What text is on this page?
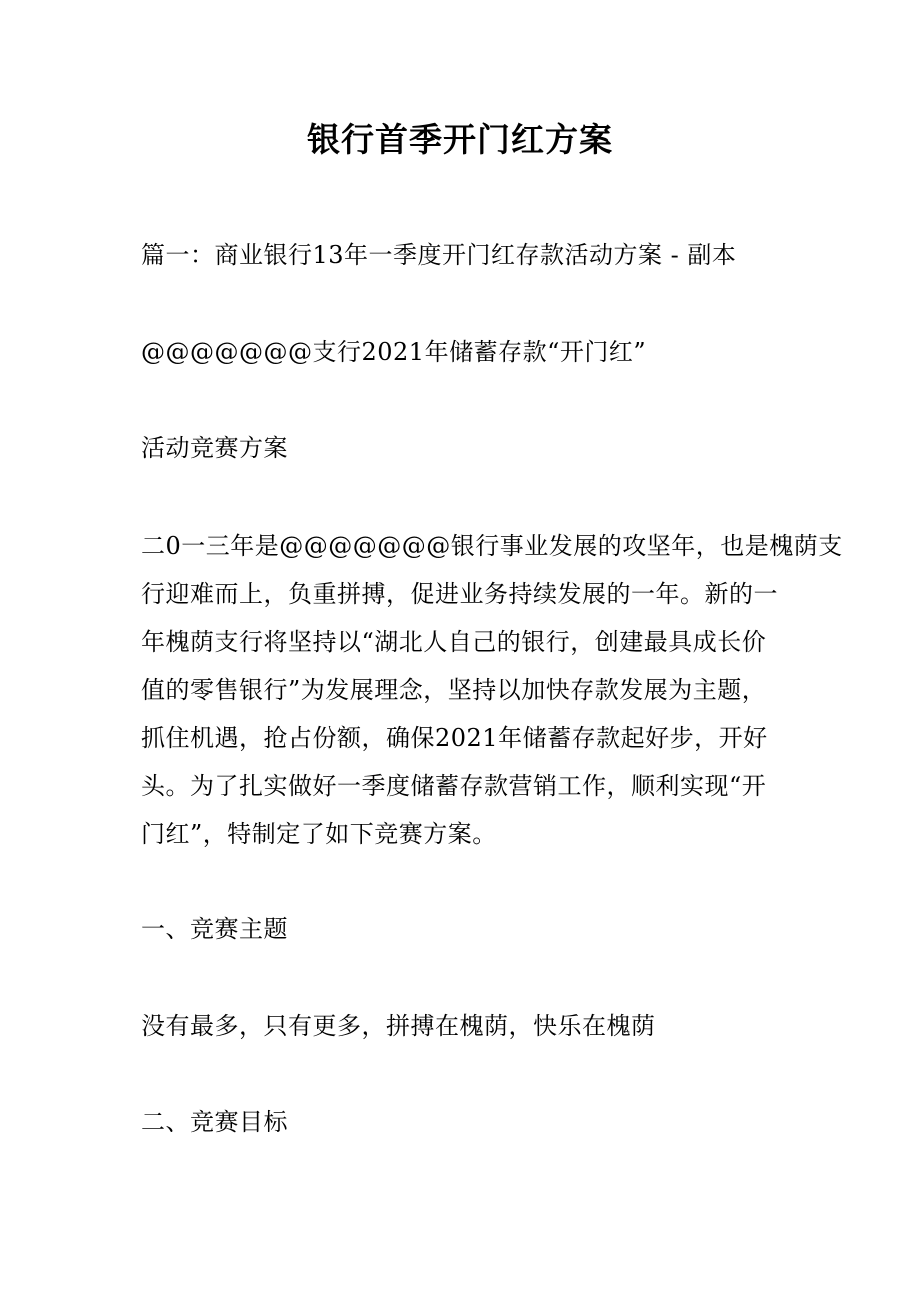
银行首季开门红方案
篇一：商业银行13年一季度开门红存款活动方案 - 副本
@@@@@@@支行2021年储蓄存款“开门红”
活动竞赛方案
二0一三年是@@@@@@@银行事业发展的攻坚年，也是槐荫支
行迎难而上，负重拼搏，促进业务持续发展的一年。新的一
年槐荫支行将坚持以“湖北人自己的银行，创建最具成长价
值的零售银行”为发展理念，坚持以加快存款发展为主题，
抓住机遇，抢占份额，确保2021年储蓄存款起好步，开好
头。为了扎实做好一季度储蓄存款营销工作，顺利实现“开
门红”，特制定了如下竞赛方案。
一、竞赛主题
没有最多，只有更多，拼搏在槐荫，快乐在槐荫
二、竞赛目标
